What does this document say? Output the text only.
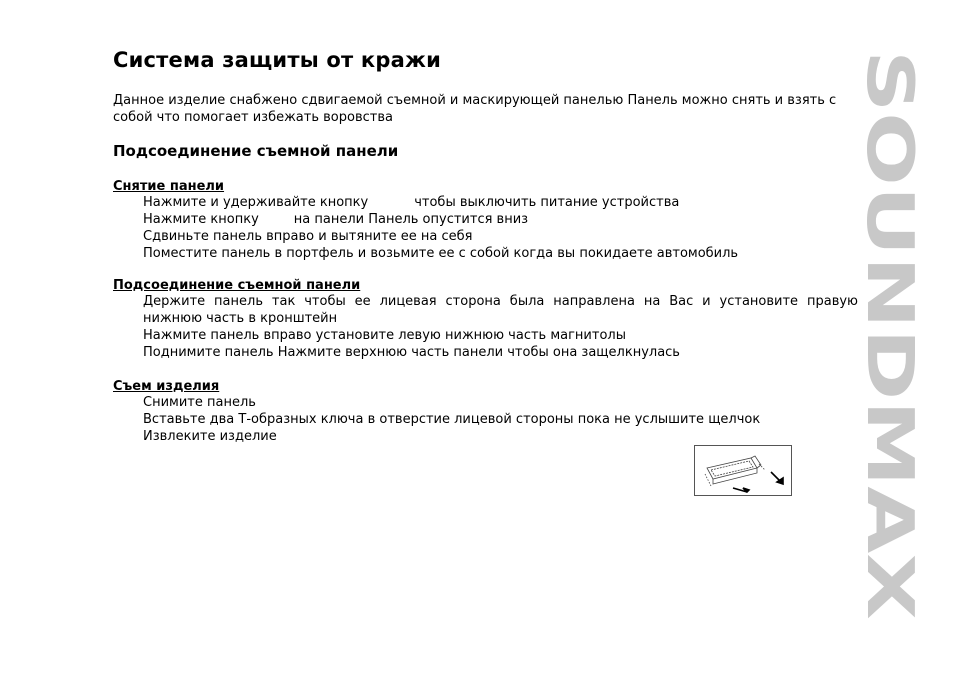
Система защиты от кражи

Данное изделие снабжено сдвигаемой съемной и маскирующей панелью Панель можно снять и взять с собой что помогает избежать воровства

Подсоединение съемной панели

Снятие панели

Нажмите и удерживайте кнопку	чтобы выключить питание устройства
Нажмите кнопку	на панели Панель опустится вниз
Сдвиньте панель вправо и вытяните ее на себя
Поместите панель в портфель и возьмите ее с собой когда вы покидаете автомобиль

Подсоединение съемной панели

Держите панель так чтобы ее лицевая сторона была направлена на Вас и установите правую нижнюю часть в кронштейн
Нажмите панель вправо установите левую нижнюю часть магнитолы
Поднимите панель Нажмите верхнюю часть панели чтобы она защелкнулась

Съем изделия

Снимите панель
Вставьте два Т-образных ключа в отверстие лицевой стороны пока не услышите щелчок
Извлеките изделие	SOUNDMAX
